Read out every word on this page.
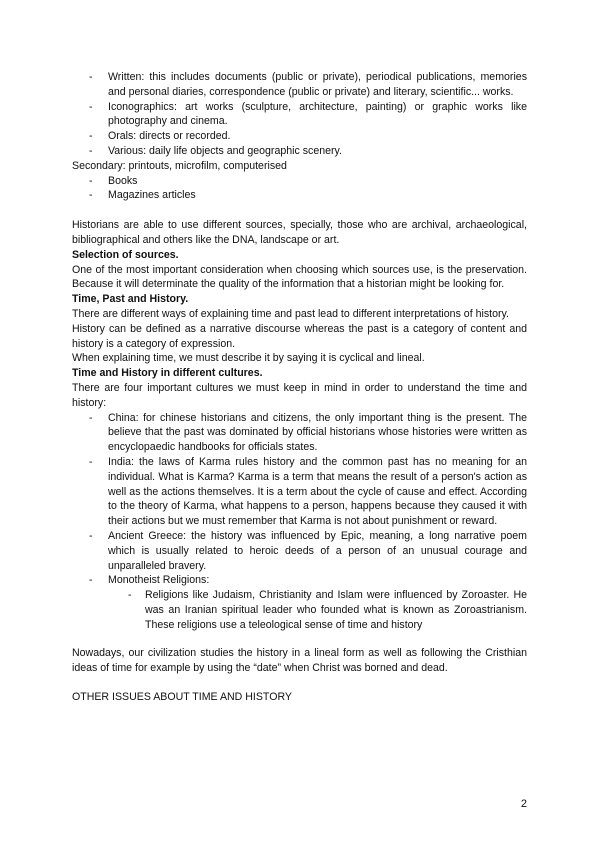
- Written: this includes documents (public or private), periodical publications, memories and personal diaries, correspondence (public or private) and literary, scientific... works.
- Iconographics: art works (sculpture, architecture, painting) or graphic works like photography and cinema.
- Orals: directs or recorded.
- Various: daily life objects and geographic scenery.

Secondary: printouts, microfilm, computerised

- Books
- Magazines articles

Historians are able to use different sources, specially, those who are archival, archaeological, bibliographical and others like the DNA, landscape or art.

Selection of sources.

One of the most important consideration when choosing which sources use, is the preservation. Because it will determinate the quality of the information that a historian might be looking for.

Time, Past and History.

There are different ways of explaining time and past lead to different interpretations of history.

History can be defined as a narrative discourse whereas the past is a category of content and history is a category of expression.

When explaining time, we must describe it by saying it is cyclical and lineal.

Time and History in different cultures.

There are four important cultures we must keep in mind in order to understand the time and history:

- China: for chinese historians and citizens, the only important thing is the present. The believe that the past was dominated by official historians whose histories were written as encyclopaedic handbooks for officials states.
- India: the laws of Karma rules history and the common past has no meaning for an individual. What is Karma? Karma is a term that means the result of a person's action as well as the actions themselves. It is a term about the cycle of cause and effect. According to the theory of Karma, what happens to a person, happens because they caused it with their actions but we must remember that Karma is not about punishment or reward.
- Ancient Greece: the history was influenced by Epic, meaning, a long narrative poem which is usually related to heroic deeds of a person of an unusual courage and unparalleled bravery.
- Monotheist Religions:
- Religions like Judaism, Christianity and Islam were influenced by Zoroaster. He was an Iranian spiritual leader who founded what is known as Zoroastrianism. These religions use a teleological sense of time and history

Nowadays, our civilization studies the history in a lineal form as well as following the Cristhian ideas of time for example by using the “date” when Christ was borned and dead.

OTHER ISSUES ABOUT TIME AND HISTORY

2
